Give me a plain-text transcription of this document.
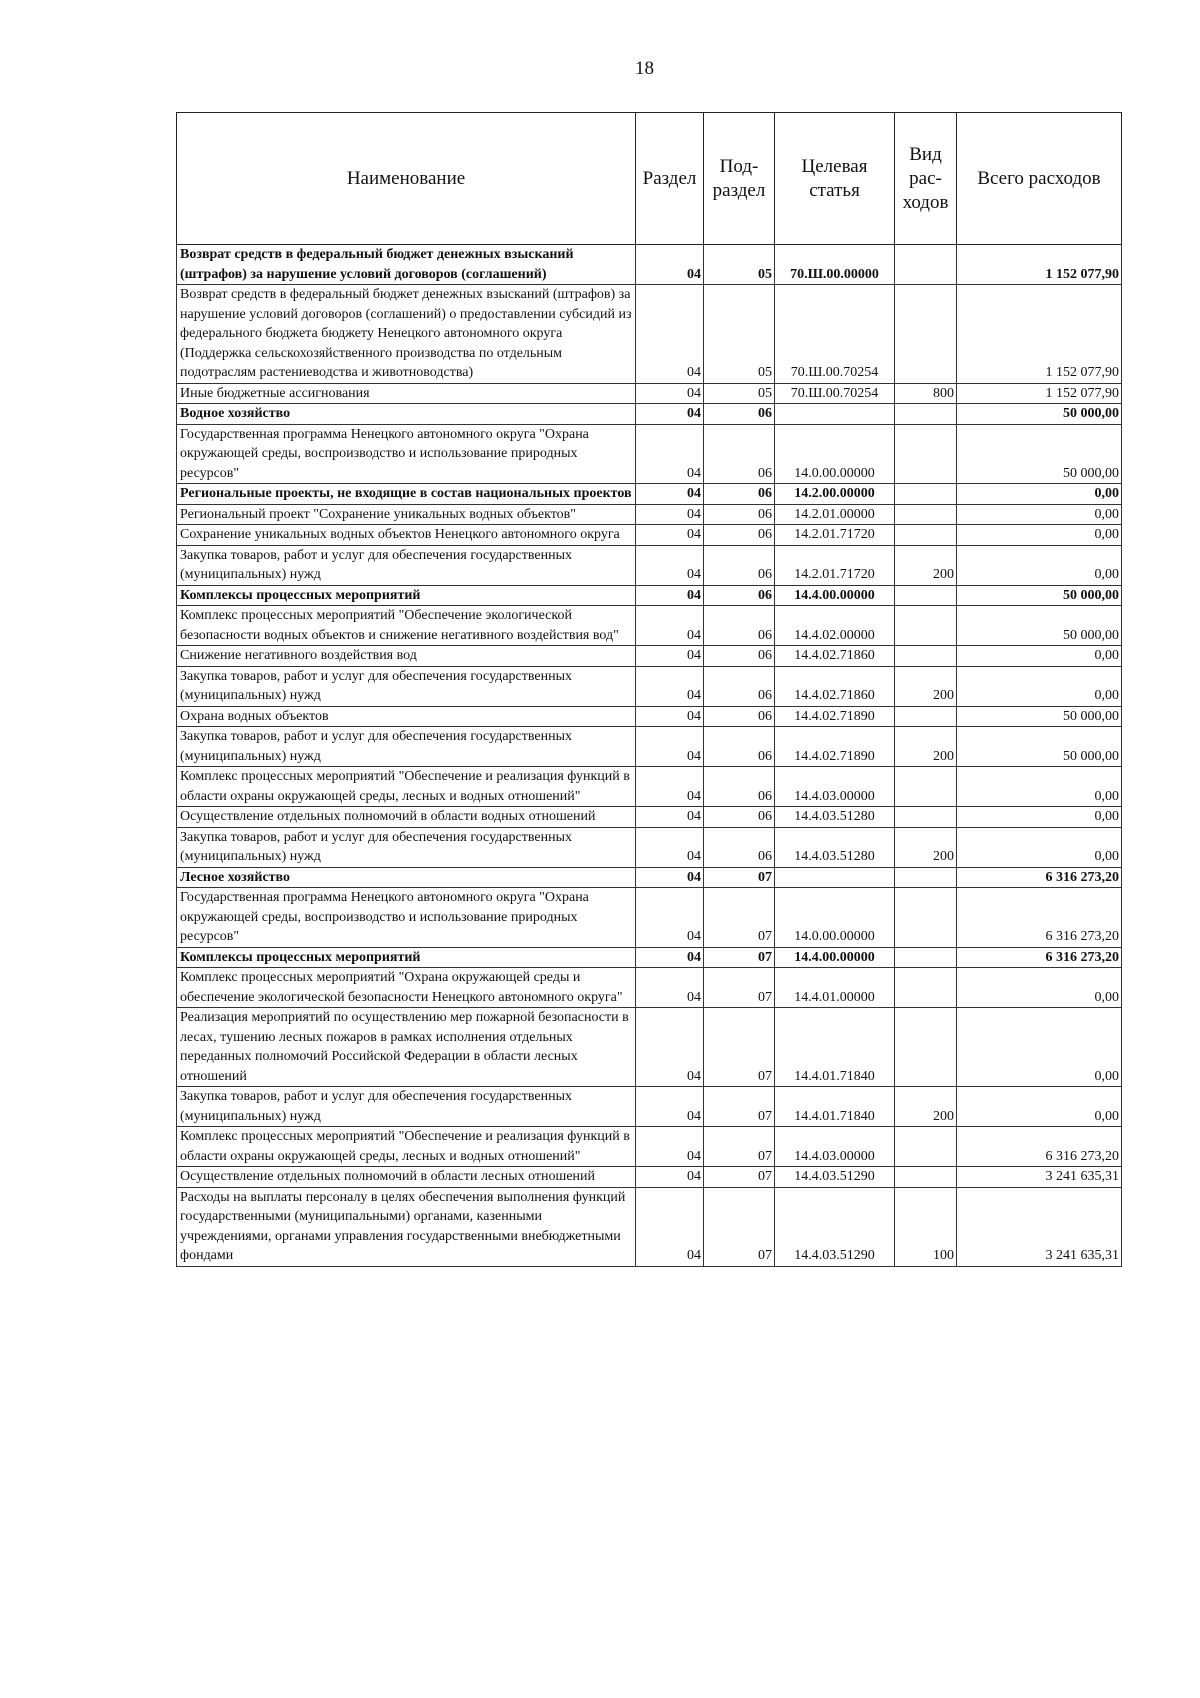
18
Наименование	Раздел	Под-раздел	Целевая статья	Вид рас-ходов	Всего расходов
Возврат средств в федеральный бюджет денежных взысканий (штрафов) за нарушение условий договоров (соглашений)	04	05	70.Ш.00.00000		1 152 077,90
Возврат средств в федеральный бюджет денежных взысканий (штрафов) за нарушение условий договоров (соглашений) о предоставлении субсидий из федерального бюджета бюджету Ненецкого автономного округа (Поддержка сельскохозяйственного производства по отдельным подотраслям растениеводства и животноводства)	04	05	70.Ш.00.70254		1 152 077,90
Иные бюджетные ассигнования	04	05	70.Ш.00.70254	800	1 152 077,90
Водное хозяйство	04	06			50 000,00
Государственная программа Ненецкого автономного округа "Охрана окружающей среды, воспроизводство и использование природных ресурсов"	04	06	14.0.00.00000		50 000,00
Региональные проекты, не входящие в состав национальных проектов	04	06	14.2.00.00000		0,00
Региональный проект "Сохранение уникальных водных объектов"	04	06	14.2.01.00000		0,00
Сохранение уникальных водных объектов Ненецкого автономного округа	04	06	14.2.01.71720		0,00
Закупка товаров, работ и услуг для обеспечения государственных (муниципальных) нужд	04	06	14.2.01.71720	200	0,00
Комплексы процессных мероприятий	04	06	14.4.00.00000		50 000,00
Комплекс процессных мероприятий "Обеспечение экологической безопасности водных объектов и снижение негативного воздействия вод"	04	06	14.4.02.00000		50 000,00
Снижение негативного воздействия вод	04	06	14.4.02.71860		0,00
Закупка товаров, работ и услуг для обеспечения государственных (муниципальных) нужд	04	06	14.4.02.71860	200	0,00
Охрана водных объектов	04	06	14.4.02.71890		50 000,00
Закупка товаров, работ и услуг для обеспечения государственных (муниципальных) нужд	04	06	14.4.02.71890	200	50 000,00
Комплекс процессных мероприятий "Обеспечение и реализация функций в области охраны окружающей среды, лесных и водных отношений"	04	06	14.4.03.00000		0,00
Осуществление отдельных полномочий в области водных отношений	04	06	14.4.03.51280		0,00
Закупка товаров, работ и услуг для обеспечения государственных (муниципальных) нужд	04	06	14.4.03.51280	200	0,00
Лесное хозяйство	04	07			6 316 273,20
Государственная программа Ненецкого автономного округа "Охрана окружающей среды, воспроизводство и использование природных ресурсов"	04	07	14.0.00.00000		6 316 273,20
Комплексы процессных мероприятий	04	07	14.4.00.00000		6 316 273,20
Комплекс процессных мероприятий "Охрана окружающей среды и обеспечение экологической безопасности Ненецкого автономного округа"	04	07	14.4.01.00000		0,00
Реализация мероприятий по осуществлению мер пожарной безопасности в лесах, тушению лесных пожаров в рамках исполнения отдельных переданных полномочий Российской Федерации в области лесных отношений	04	07	14.4.01.71840		0,00
Закупка товаров, работ и услуг для обеспечения государственных (муниципальных) нужд	04	07	14.4.01.71840	200	0,00
Комплекс процессных мероприятий "Обеспечение и реализация функций в области охраны окружающей среды, лесных и водных отношений"	04	07	14.4.03.00000		6 316 273,20
Осуществление отдельных полномочий в области лесных отношений	04	07	14.4.03.51290		3 241 635,31
Расходы на выплаты персоналу в целях обеспечения выполнения функций государственными (муниципальными) органами, казенными учреждениями, органами управления государственными внебюджетными фондами	04	07	14.4.03.51290	100	3 241 635,31
